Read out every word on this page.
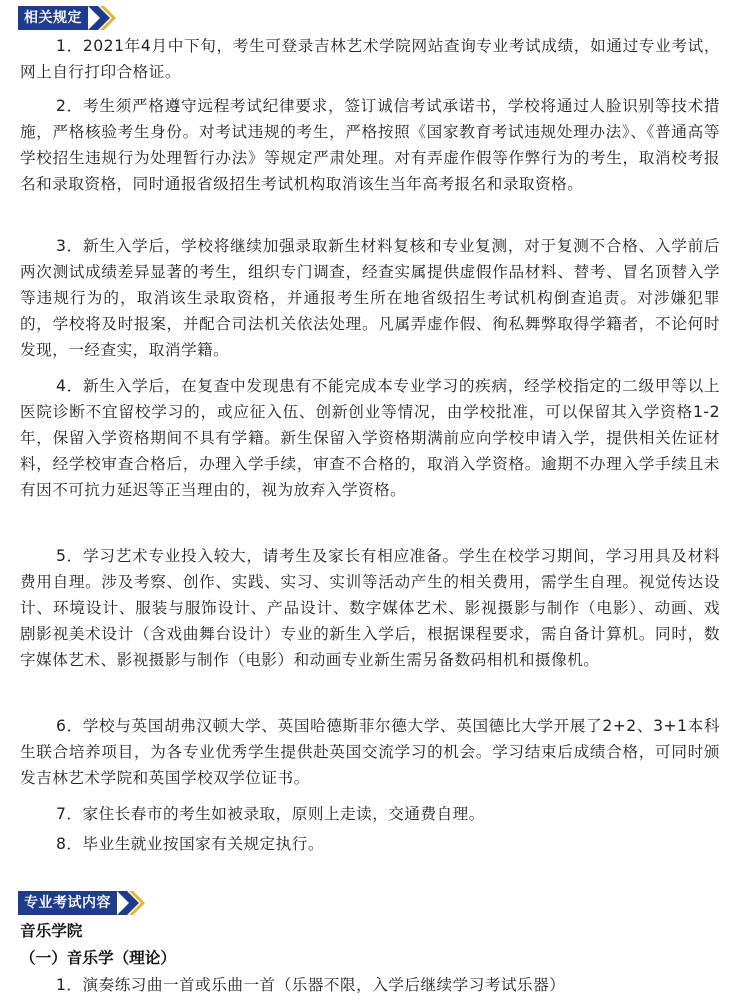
相关规定

1．2021年4月中下旬，考生可登录吉林艺术学院网站查询专业考试成绩，如通过专业考试，网上自行打印合格证。

2．考生须严格遵守远程考试纪律要求，签订诚信考试承诺书，学校将通过人脸识别等技术措施，严格核验考生身份。对考试违规的考生，严格按照《国家教育考试违规处理办法》、《普通高等学校招生违规行为处理暂行办法》等规定严肃处理。对有弄虚作假等作弊行为的考生，取消校考报名和录取资格，同时通报省级招生考试机构取消该生当年高考报名和录取资格。

3．新生入学后，学校将继续加强录取新生材料复核和专业复测，对于复测不合格、入学前后两次测试成绩差异显著的考生，组织专门调查，经查实属提供虚假作品材料、替考、冒名顶替入学等违规行为的，取消该生录取资格，并通报考生所在地省级招生考试机构倒查追责。对涉嫌犯罪的，学校将及时报案，并配合司法机关依法处理。凡属弄虚作假、徇私舞弊取得学籍者，不论何时发现，一经查实，取消学籍。

4．新生入学后，在复查中发现患有不能完成本专业学习的疾病，经学校指定的二级甲等以上医院诊断不宜留校学习的，或应征入伍、创新创业等情况，由学校批准，可以保留其入学资格1-2年，保留入学资格期间不具有学籍。新生保留入学资格期满前应向学校申请入学，提供相关佐证材料，经学校审查合格后，办理入学手续，审查不合格的，取消入学资格。逾期不办理入学手续且未有因不可抗力延迟等正当理由的，视为放弃入学资格。

5．学习艺术专业投入较大，请考生及家长有相应准备。学生在校学习期间，学习用具及材料费用自理。涉及考察、创作、实践、实习、实训等活动产生的相关费用，需学生自理。视觉传达设计、环境设计、服装与服饰设计、产品设计、数字媒体艺术、影视摄影与制作（电影）、动画、戏剧影视美术设计（含戏曲舞台设计）专业的新生入学后，根据课程要求，需自备计算机。同时，数字媒体艺术、影视摄影与制作（电影）和动画专业新生需另备数码相机和摄像机。

6．学校与英国胡弗汉顿大学、英国哈德斯菲尔德大学、英国德比大学开展了2+2、3+1本科生联合培养项目，为各专业优秀学生提供赴英国交流学习的机会。学习结束后成绩合格，可同时颁发吉林艺术学院和英国学校双学位证书。

7．家住长春市的考生如被录取，原则上走读，交通费自理。

8．毕业生就业按国家有关规定执行。

专业考试内容
音乐学院
（一）音乐学（理论）

1．演奏练习曲一首或乐曲一首（乐器不限，入学后继续学习考试乐器）
